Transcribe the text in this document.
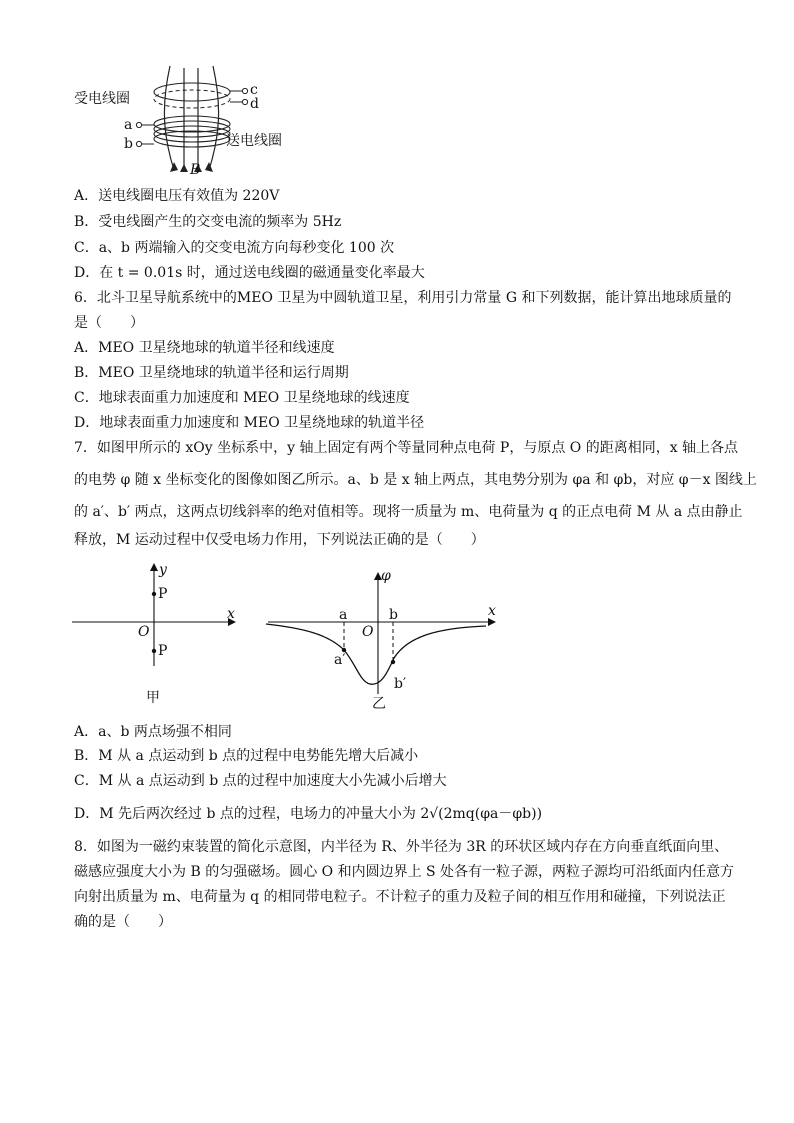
受电线圈
送电线圈
c
d
a
b
B
A．送电线圈电压有效值为 220V
B．受电线圈产生的交变电流的频率为 5Hz
C．a、b 两端输入的交变电流方向每秒变化 100 次
D．在 t = 0.01s 时，通过送电线圈的磁通量变化率最大
6．北斗卫星导航系统中的MEO 卫星为中圆轨道卫星，利用引力常量 G 和下列数据，能计算出地球质量的
是（　　）
A．MEO 卫星绕地球的轨道半径和线速度
B．MEO 卫星绕地球的轨道半径和运行周期
C．地球表面重力加速度和 MEO 卫星绕地球的线速度
D．地球表面重力加速度和 MEO 卫星绕地球的轨道半径
7．如图甲所示的 xOy 坐标系中，y 轴上固定有两个等量同种点电荷 P，与原点 O 的距离相同，x 轴上各点
的电势 φ 随 x 坐标变化的图像如图乙所示。a、b 是 x 轴上两点，其电势分别为 φa 和 φb，对应 φ－x 图线上
的 a′、b′ 两点，这两点切线斜率的绝对值相等。现将一质量为 m、电荷量为 q 的正点电荷 M 从 a 点由静止
释放，M 运动过程中仅受电场力作用，下列说法正确的是（　　）
y
x
O
P
P
甲
φ
x
O
a	b
a′
b′
乙
A．a、b 两点场强不相同
B．M 从 a 点运动到 b 点的过程中电势能先增大后减小
C．M 从 a 点运动到 b 点的过程中加速度大小先减小后增大
D．M 先后两次经过 b 点的过程，电场力的冲量大小为 2√(2mq(φa－φb))
8．如图为一磁约束装置的简化示意图，内半径为 R、外半径为 3R 的环状区域内存在方向垂直纸面向里、
磁感应强度大小为 B 的匀强磁场。圆心 O 和内圆边界上 S 处各有一粒子源，两粒子源均可沿纸面内任意方
向射出质量为 m、电荷量为 q 的相同带电粒子。不计粒子的重力及粒子间的相互作用和碰撞，下列说法正
确的是（　　）
